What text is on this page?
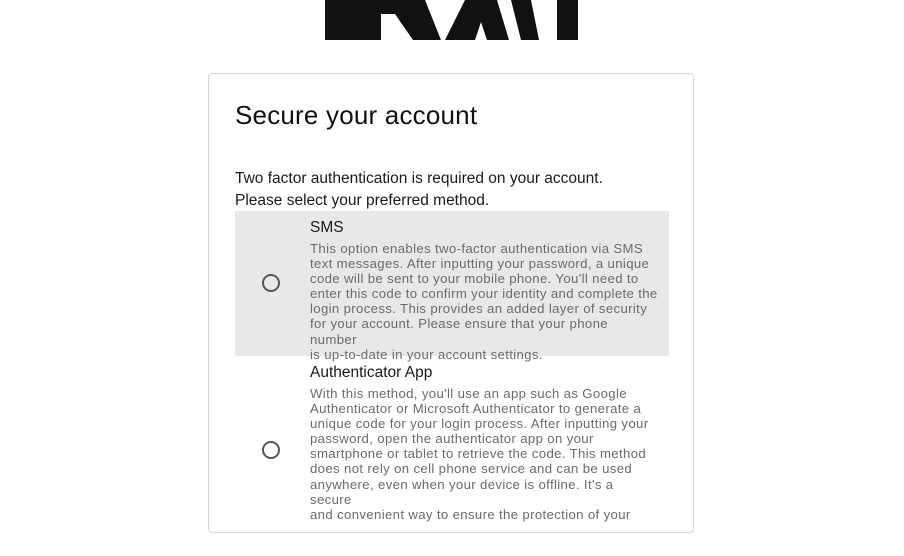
Secure your account
Two factor authentication is required on your account.
Please select your preferred method.
SMS
This option enables two-factor authentication via SMS
text messages. After inputting your password, a unique
code will be sent to your mobile phone. You'll need to
enter this code to confirm your identity and complete the
login process. This provides an added layer of security
for your account. Please ensure that your phone number
is up-to-date in your account settings.
Authenticator App
With this method, you'll use an app such as Google
Authenticator or Microsoft Authenticator to generate a
unique code for your login process. After inputting your
password, open the authenticator app on your
smartphone or tablet to retrieve the code. This method
does not rely on cell phone service and can be used
anywhere, even when your device is offline. It's a secure
and convenient way to ensure the protection of your
